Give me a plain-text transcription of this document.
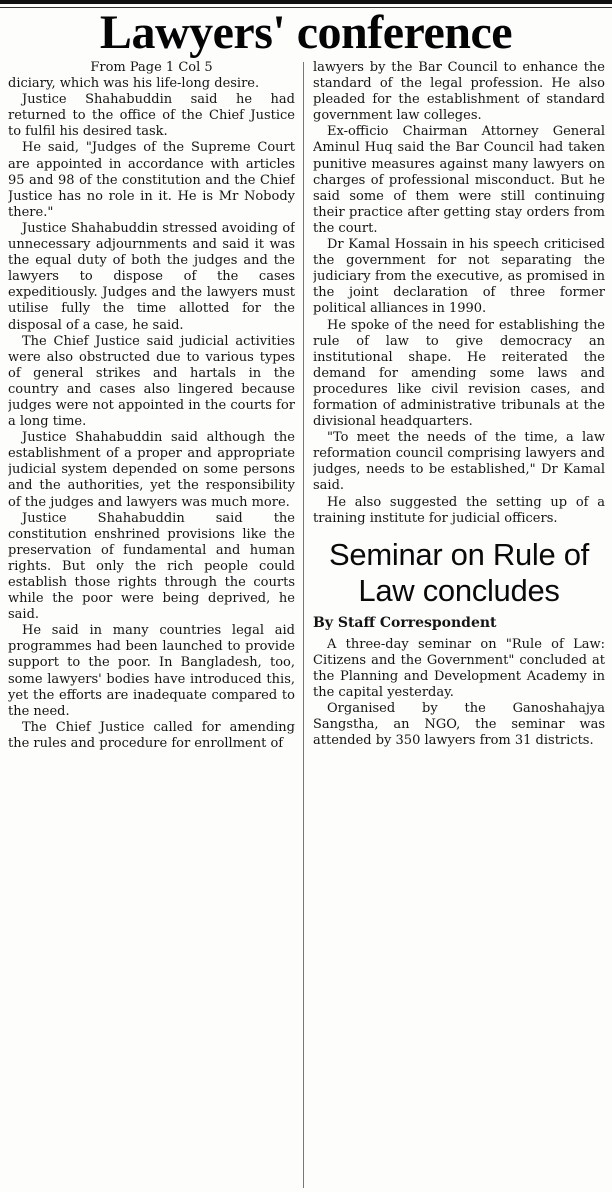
Lawyers' conference

From Page 1 Col 5

diciary, which was his life-long desire.

Justice Shahabuddin said he had returned to the office of the Chief Justice to fulfil his desired task.

He said, "Judges of the Supreme Court are appointed in accordance with articles 95 and 98 of the constitution and the Chief Justice has no role in it. He is Mr Nobody there."

Justice Shahabuddin stressed avoiding of unnecessary adjournments and said it was the equal duty of both the judges and the lawyers to dispose of the cases expeditiously. Judges and the lawyers must utilise fully the time allotted for the disposal of a case, he said.

The Chief Justice said judicial activities were also obstructed due to various types of general strikes and hartals in the country and cases also lingered because judges were not appointed in the courts for a long time.

Justice Shahabuddin said although the establishment of a proper and appropriate judicial system depended on some persons and the authorities, yet the responsibility of the judges and lawyers was much more.

Justice Shahabuddin said the constitution enshrined provisions like the preservation of fundamental and human rights. But only the rich people could establish those rights through the courts while the poor were being deprived, he said.

He said in many countries legal aid programmes had been launched to provide support to the poor. In Bangladesh, too, some lawyers' bodies have introduced this, yet the efforts are inadequate compared to the need.

The Chief Justice called for amending the rules and procedure for enrollment of

lawyers by the Bar Council to enhance the standard of the legal profession. He also pleaded for the establishment of standard government law colleges.

Ex-officio Chairman Attorney General Aminul Huq said the Bar Council had taken punitive measures against many lawyers on charges of professional misconduct. But he said some of them were still continuing their practice after getting stay orders from the court.

Dr Kamal Hossain in his speech criticised the government for not separating the judiciary from the executive, as promised in the joint declaration of three former political alliances in 1990.

He spoke of the need for establishing the rule of law to give democracy an institutional shape. He reiterated the demand for amending some laws and procedures like civil revision cases, and formation of administrative tribunals at the divisional headquarters.

"To meet the needs of the time, a law reformation council comprising lawyers and judges, needs to be established," Dr Kamal said.

He also suggested the setting up of a training institute for judicial officers.

Seminar on Rule of Law concludes

By Staff Correspondent

A three-day seminar on "Rule of Law: Citizens and the Government" concluded at the Planning and Development Academy in the capital yesterday.

Organised by the Ganoshahajya Sangstha, an NGO, the seminar was attended by 350 lawyers from 31 districts.
